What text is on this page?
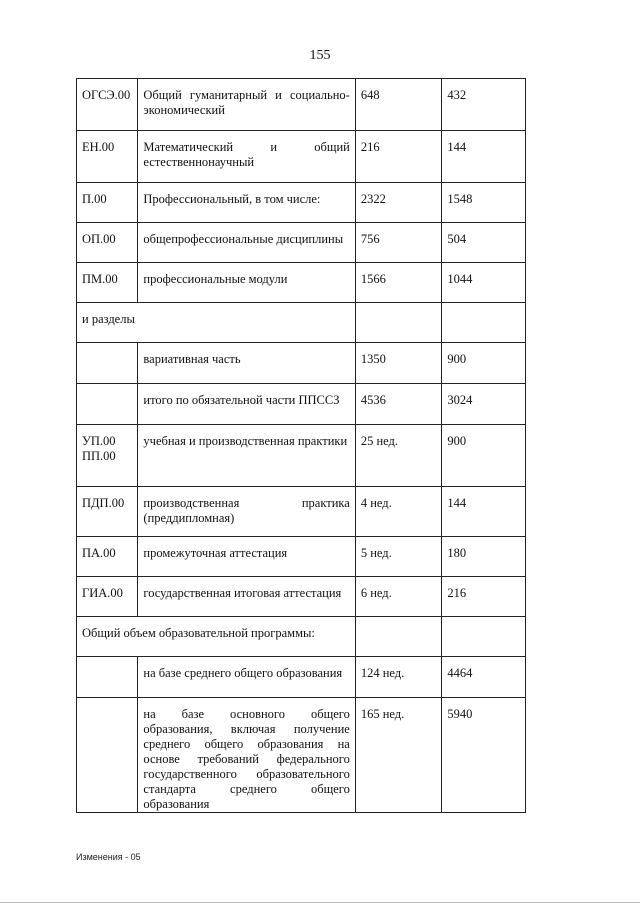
155
ОГСЭ.00	Общий гуманитарный и социально-экономический	648	432
ЕН.00	Математический и общий естественнонаучный	216	144
П.00	Профессиональный, в том числе:	2322	1548
ОП.00	общепрофессиональные дисциплины	756	504
ПМ.00	профессиональные модули	1566	1044
и разделы			
	вариативная часть	1350	900
	итого по обязательной части ППССЗ	4536	3024
УП.00 ПП.00	учебная и производственная практики	25 нед.	900
ПДП.00	производственная практика (преддипломная)	4 нед.	144
ПА.00	промежуточная аттестация	5 нед.	180
ГИА.00	государственная итоговая аттестация	6 нед.	216
Общий объем образовательной программы:			
	на базе среднего общего образования	124 нед.	4464
	на базе основного общего образования, включая получение среднего общего образования на основе требований федерального государственного образовательного стандарта среднего общего образования	165 нед.	5940
Изменения - 05
